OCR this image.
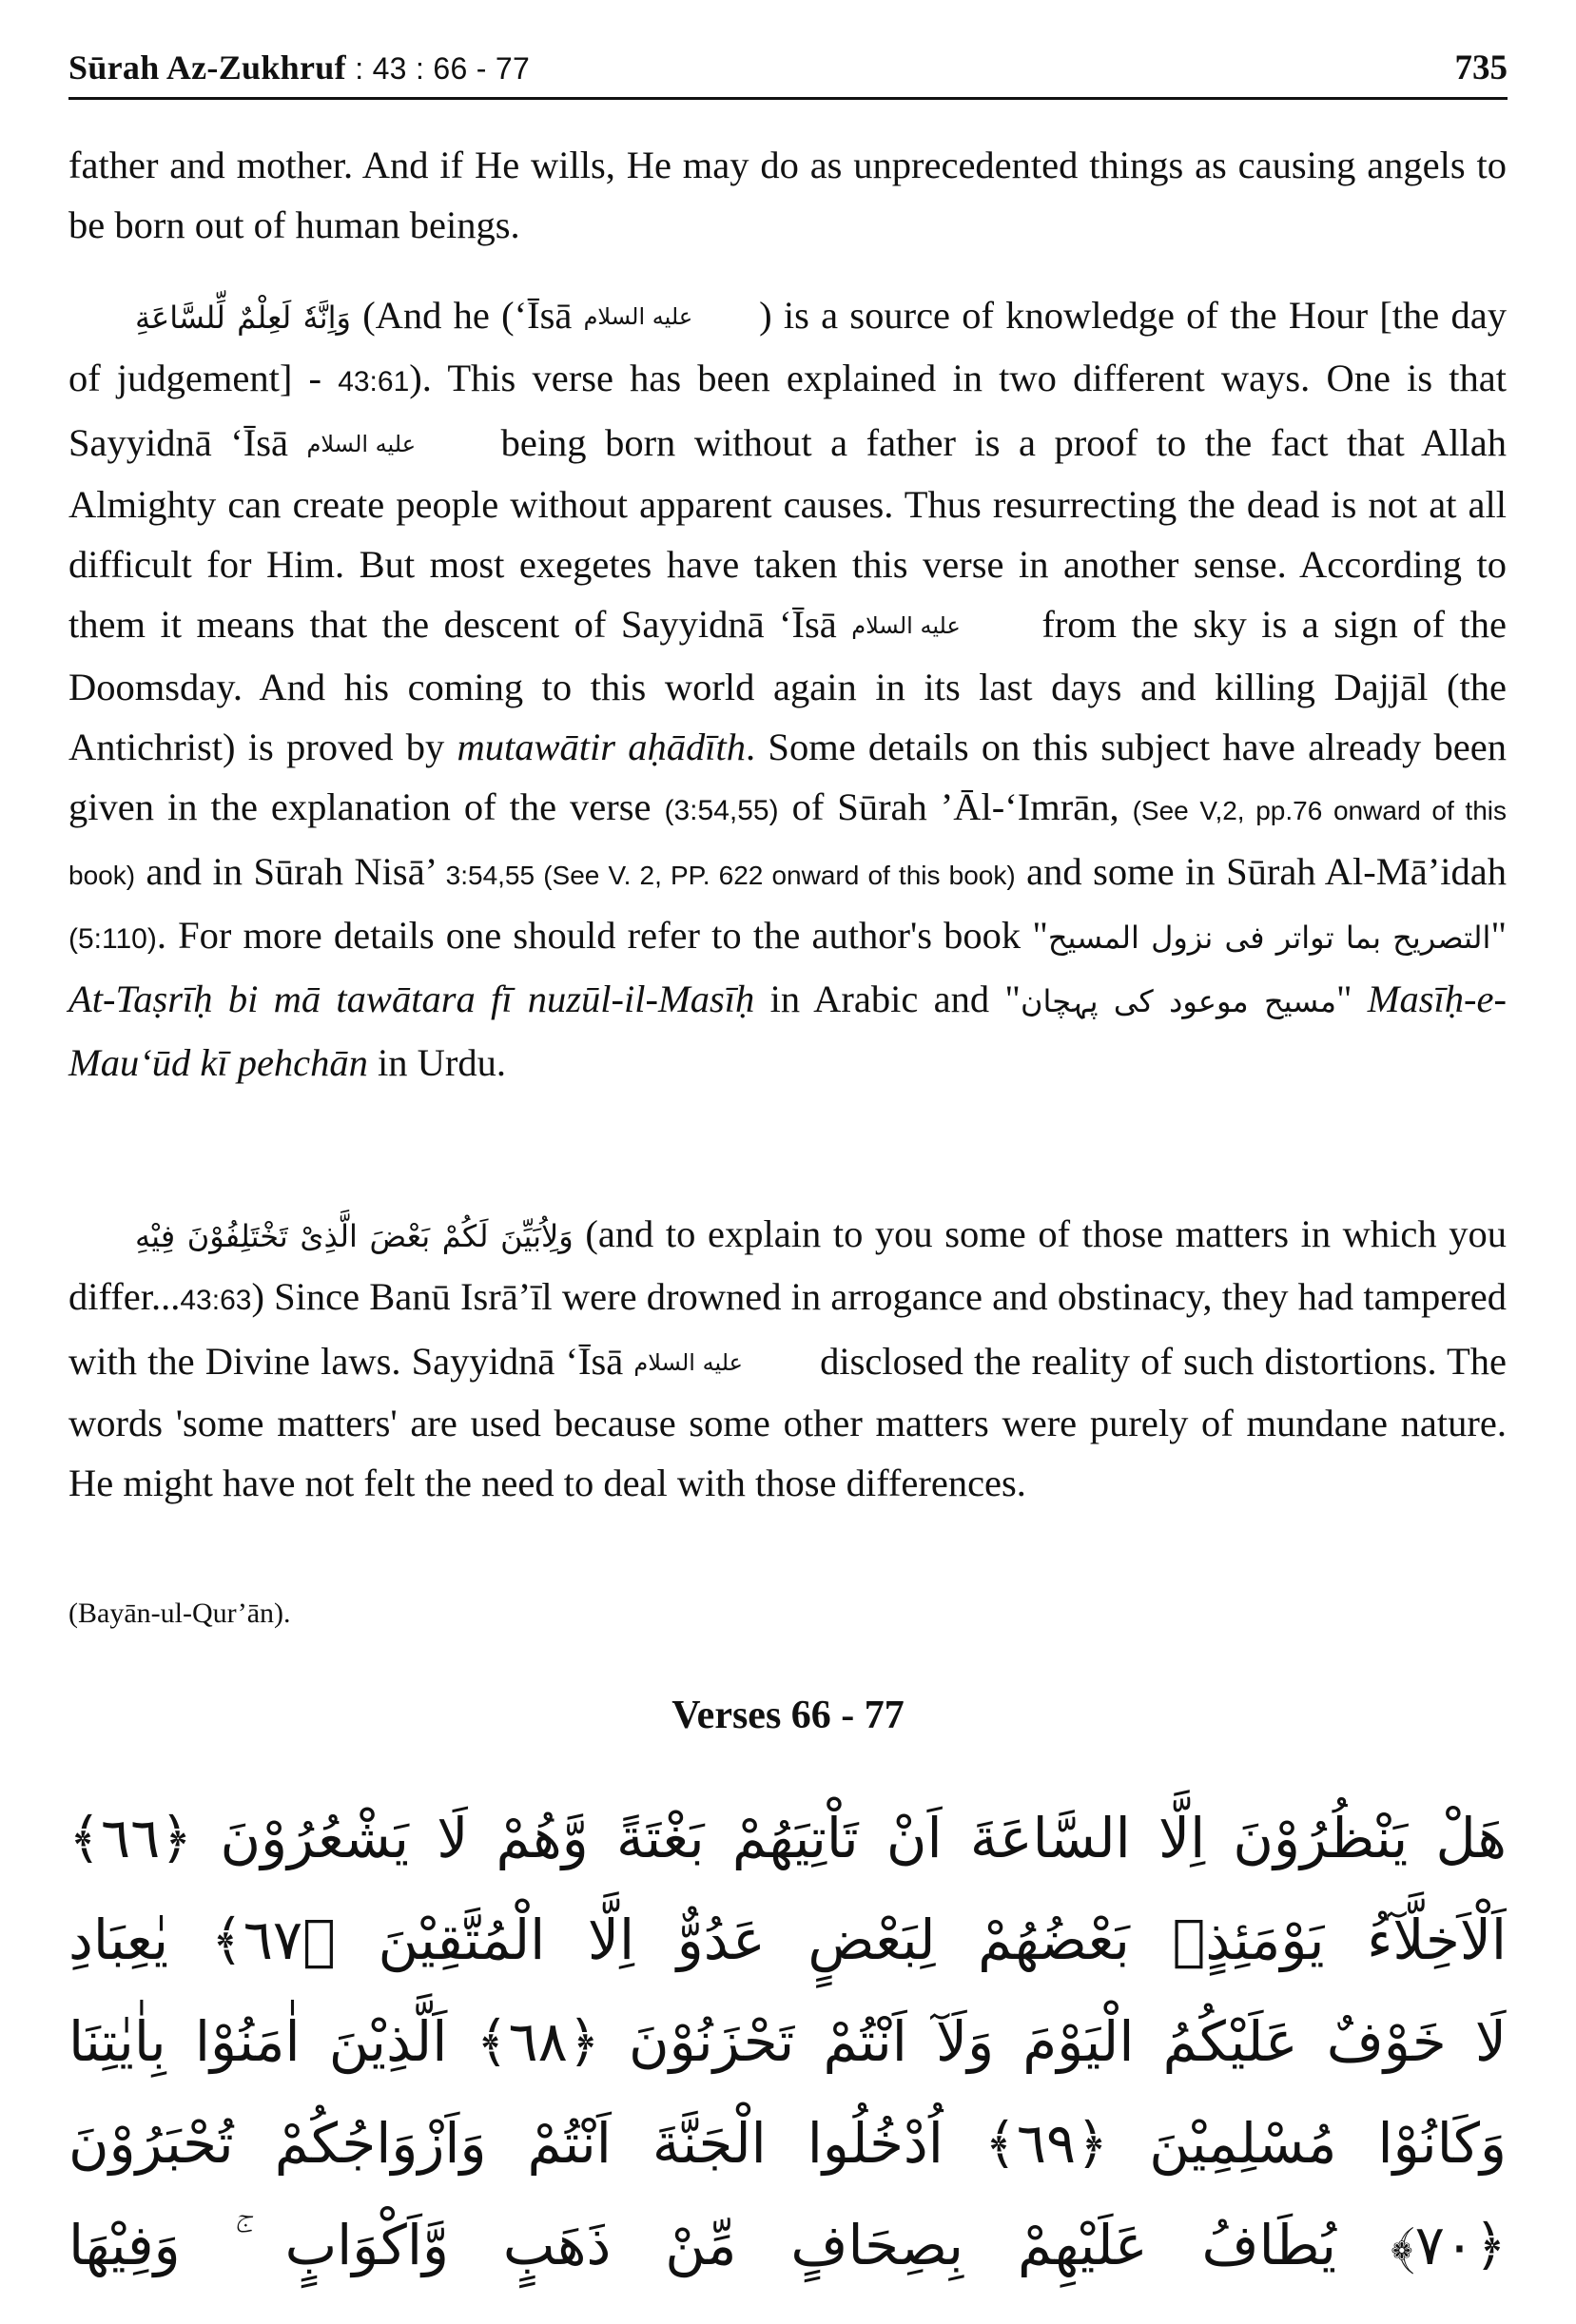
Sūrah Az-Zukhruf : 43 : 66 - 77	735

father and mother. And if He wills, He may do as unprecedented things as causing angels to be born out of human beings.

وَاِنَّهٗ لَعِلْمٌ لِّلسَّاعَةِ (And he (‘Īsā عليه السلام ) is a source of knowledge of the Hour [the day of judgement] - 43:61). This verse has been explained in two different ways. One is that Sayyidnā ‘Īsā عليه السلام being born without a father is a proof to the fact that Allah Almighty can create people without apparent causes. Thus resurrecting the dead is not at all difficult for Him. But most exegetes have taken this verse in another sense. According to them it means that the descent of Sayyidnā ‘Īsā عليه السلام from the sky is a sign of the Doomsday. And his coming to this world again in its last days and killing Dajjāl (the Antichrist) is proved by mutawātir aḥādīth. Some details on this subject have already been given in the explanation of the verse (3:54,55) of Sūrah ’Āl-‘Imrān, (See V,2, pp.76 onward of this book) and in Sūrah Nisā’ 3:54,55 (See V. 2, PP. 622 onward of this book) and some in Sūrah Al-Mā’idah (5:110). For more details one should refer to the author's book "التصريح بما تواتر فی نزول المسيح" At-Taṣrīḥ bi mā tawātara fī nuzūl-il-Masīḥ in Arabic and "مسیح موعود کی پہچان" Masīḥ-e-Mau‘ūd kī pehchān in Urdu.

وَلِاُبَيِّنَ لَكُمْ بَعْضَ الَّذِیْ تَخْتَلِفُوْنَ فِيْهِ (and to explain to you some of those matters in which you differ...43:63) Since Banū Isrā’īl were drowned in arrogance and obstinacy, they had tampered with the Divine laws. Sayyidnā ‘Īsā عليه السلام disclosed the reality of such distortions. The words 'some matters' are used because some other matters were purely of mundane nature. He might have not felt the need to deal with those differences.

(Bayān-ul-Qur’ān).
Verses 66 - 77
هَلْ يَنْظُرُوْنَ اِلَّا السَّاعَةَ اَنْ تَاْتِيَهُمْ بَغْتَةً وَّهُمْ لَا يَشْعُرُوْنَ ﴿٦٦﴾
اَلْاَخِلَّآءُ يَوْمَئِذٍۢ بَعْضُهُمْ لِبَعْضٍ عَدُوٌّ اِلَّا الْمُتَّقِيْنَ ﴿٦٧﴾ يٰعِبَادِ
لَا خَوْفٌ عَلَيْكُمُ الْيَوْمَ وَلَآ اَنْتُمْ تَحْزَنُوْنَ ﴿٦٨﴾ اَلَّذِيْنَ اٰمَنُوْا بِاٰيٰتِنَا
وَكَانُوْا مُسْلِمِيْنَ ﴿٦٩﴾ اُدْخُلُوا الْجَنَّةَ اَنْتُمْ وَاَزْوَاجُكُمْ تُحْبَرُوْنَ
﴿٧٠﴾ يُطَافُ عَلَيْهِمْ بِصِحَافٍ مِّنْ ذَهَبٍ وَّاَكْوَابٍ ۚ وَفِيْهَا
